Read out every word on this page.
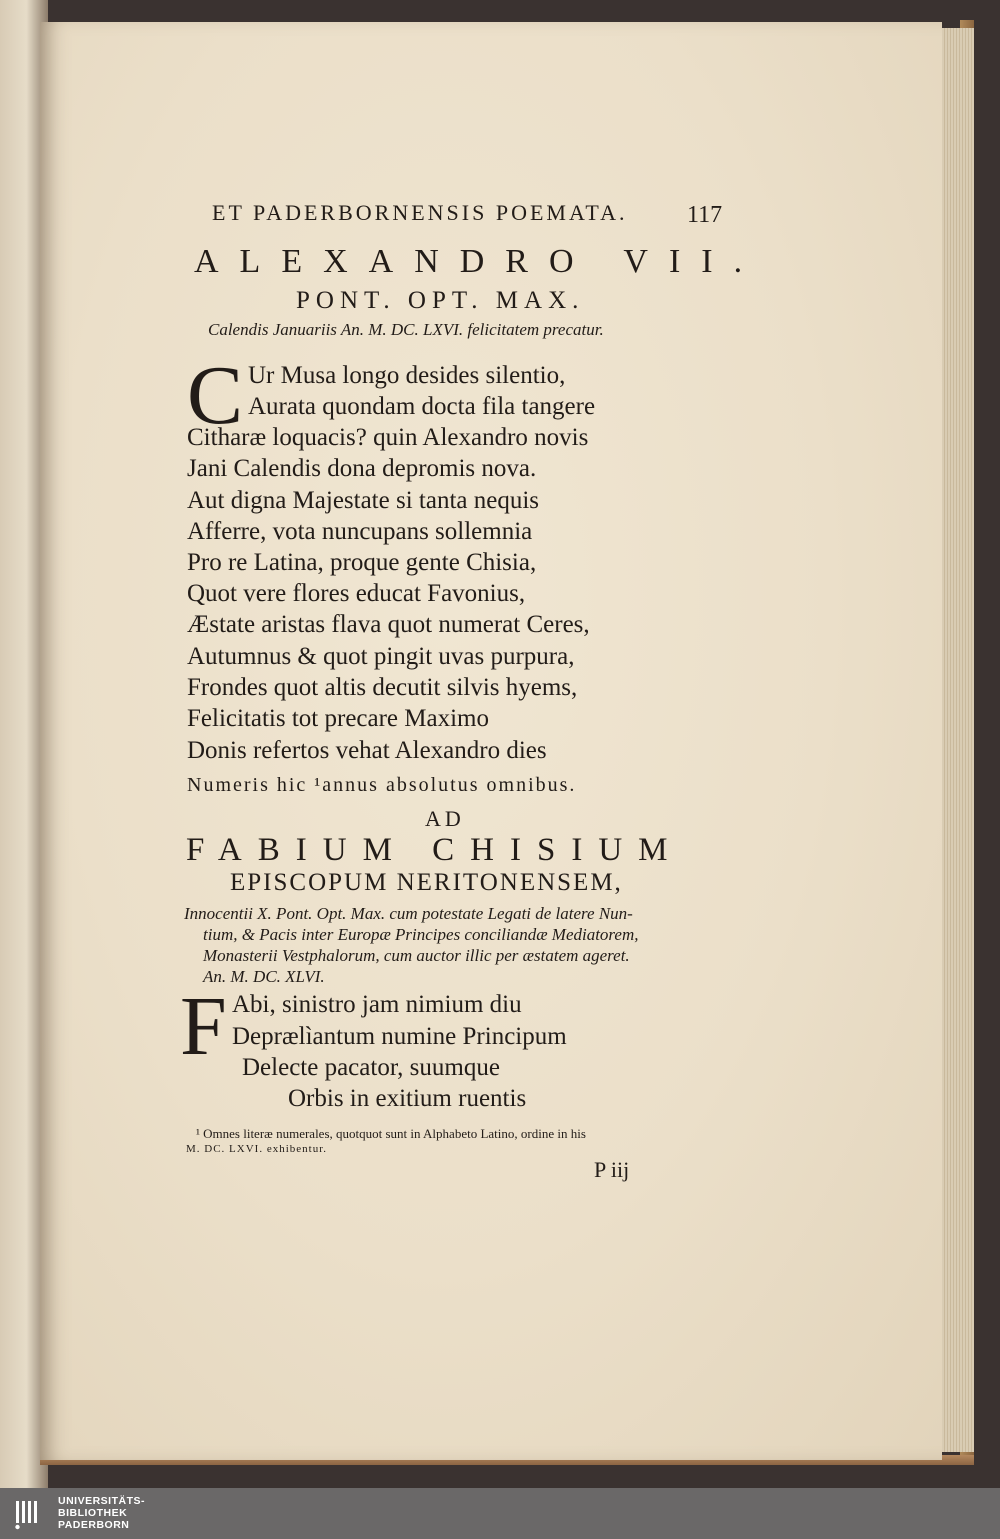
ET PADERBORNENSIS POEMATA. 117
ALEXANDRO VII.
PONT. OPT. MAX.
Calendis Januariis An. M. DC. LXVI. felicitatem precatur.
C Ur Musa longo desides silentio,
Aurata quondam docta fila tangere
Citharæ loquacis? quin Alexandro novis
Jani Calendis dona depromis nova.
Aut digna Majestate si tanta nequis
Afferre, vota nuncupans sollemnia
Pro re Latina, proque gente Chisia,
Quot vere flores educat Favonius,
Æstate aristas flava quot numerat Ceres,
Autumnus & quot pingit uvas purpura,
Frondes quot altis decutit silvis hyems,
Felicitatis tot precare Maximo
Donis refertos vehat Alexandro dies
Numeris hic ¹annus absolutus omnibus.
AD
FABIUM CHISIUM
EPISCOPUM NERITONENSEM,
Innocentii X. Pont. Opt. Max. cum potestate Legati de latere Nun-
tium, & Pacis inter Europæ Principes conciliandæ Mediatorem,
Monasterii Vestphalorum, cum auctor illic per æstatem ageret.
An. M. DC. XLVI.
F Abi, sinistro jam nimium diu
Deprælìantum numine Principum
Delecte pacator, suumque
Orbis in exitium ruentis
¹ Omnes literæ numerales, quotquot sunt in Alphabeto Latino, ordine in his
M. DC. LXVI. exhibentur.
P iij
UNIVERSITÄTS-
BIBLIOTHEK
PADERBORN
